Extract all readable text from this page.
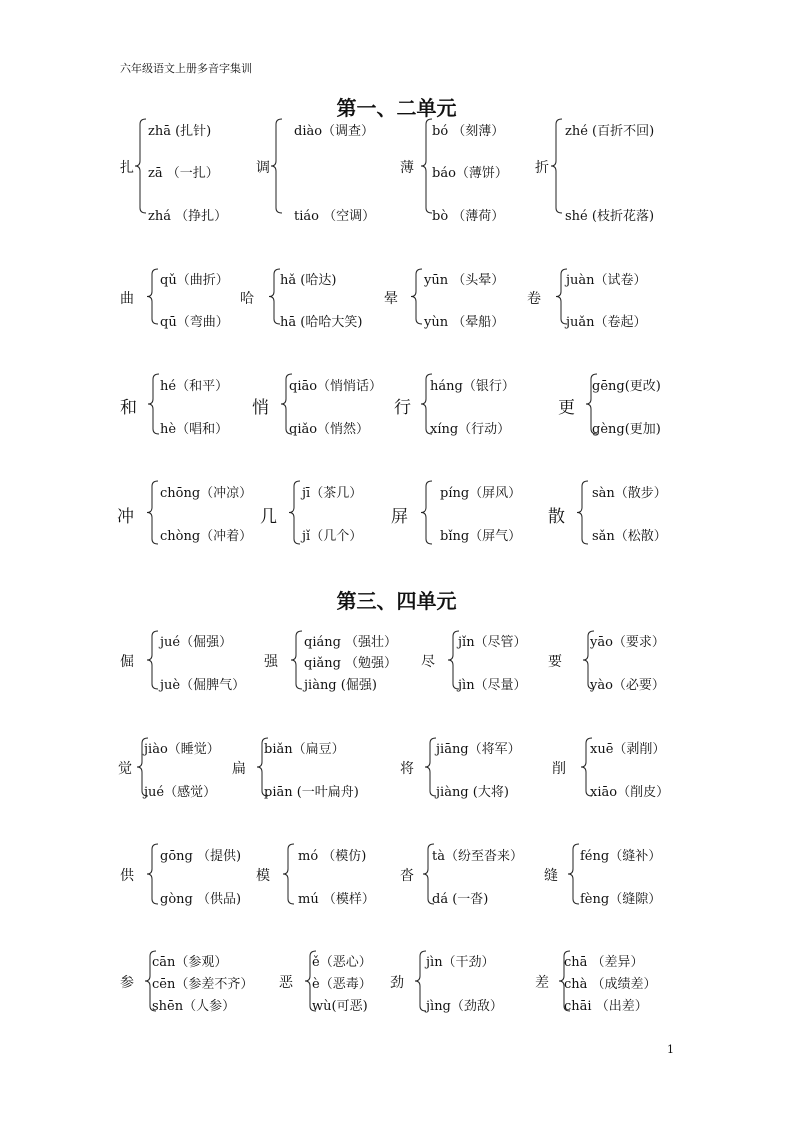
六年级语文上册多音字集训
第一、二单元
第三、四单元
1
扎
zhā (扎针)
zā （一扎）
zhá （挣扎）
调
diào（调查）
tiáo （空调）
薄
bó （刻薄）
báo（薄饼）
bò （薄荷）
折
zhé (百折不回)
shé (枝折花落)
曲
qǔ（曲折）
qū（弯曲）
哈
hǎ (哈达)
hā (哈哈大笑)
晕
yūn （头晕）
yùn （晕船）
卷
juàn（试卷）
juǎn（卷起）
和
hé（和平）
hè（唱和）
悄
qiāo（悄悄话）
qiǎo（悄然）
行
háng（银行）
xíng（行动）
更
gēng(更改)
gèng(更加)
冲
chōng（冲凉）
chòng（冲着）
几
jī（茶几）
jǐ（几个）
屏
píng（屏风）
bǐng（屏气）
散
sàn（散步）
sǎn（松散）
倔
jué（倔强）
juè（倔脾气）
强
qiáng （强壮）
qiǎng （勉强）
jiàng (倔强)
尽
jǐn（尽管）
jìn（尽量）
要
yāo（要求）
yào（必要）
觉
jiào（睡觉）
jué（感觉）
扁
biǎn（扁豆）
piān (一叶扁舟)
将
jiāng（将军）
jiàng (大将)
削
xuē（剥削）
xiāo（削皮）
供
gōng （提供)
gòng （供品)
模
mó （模仿)
mú （模样）
沓
tà（纷至沓来）
dá (一沓)
缝
féng（缝补）
fèng（缝隙）
参
cān（参观）
cēn（参差不齐）
shēn（人参）
恶
ě（恶心）
è（恶毒）
wù(可恶)
劲
jìn（干劲）
jìng（劲敌）
差
chā （差异）
chà （成绩差）
chāi （出差）
